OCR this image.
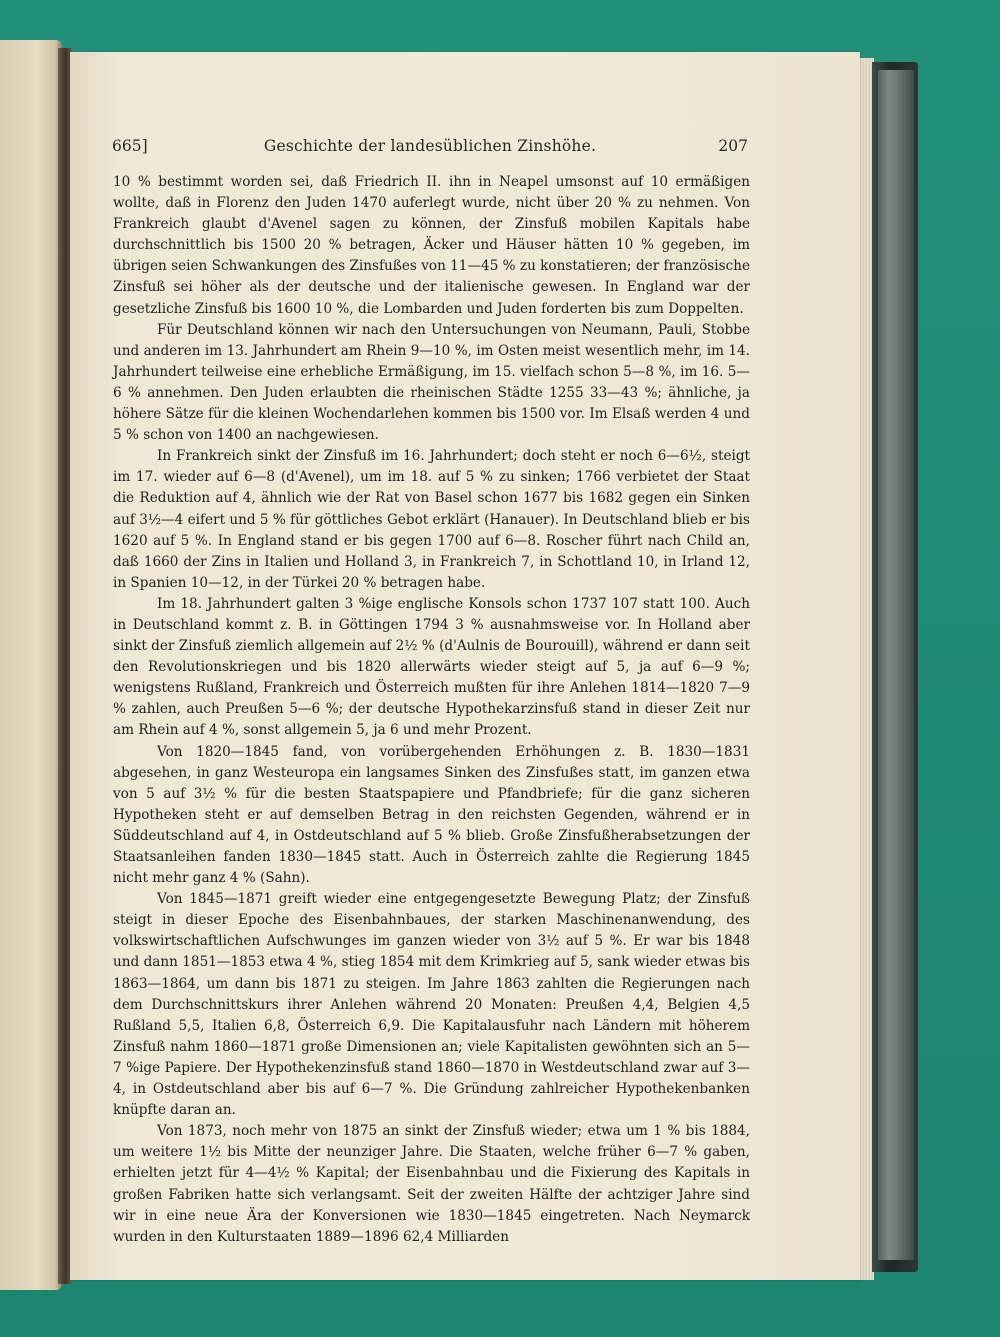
665]	Geschichte der landesüblichen Zinshöhe.	207

10 % bestimmt worden sei, daß Friedrich II. ihn in Neapel umsonst auf 10 ermäßigen wollte, daß in Florenz den Juden 1470 auferlegt wurde, nicht über 20 % zu nehmen. Von Frankreich glaubt d'Avenel sagen zu können, der Zinsfuß mobilen Kapitals habe durchschnittlich bis 1500 20 % betragen, Äcker und Häuser hätten 10 % gegeben, im übrigen seien Schwankungen des Zinsfußes von 11—45 % zu konstatieren; der französische Zinsfuß sei höher als der deutsche und der italienische gewesen. In England war der gesetzliche Zinsfuß bis 1600 10 %, die Lombarden und Juden forderten bis zum Doppelten.

Für Deutschland können wir nach den Untersuchungen von Neumann, Pauli, Stobbe und anderen im 13. Jahrhundert am Rhein 9—10 %, im Osten meist wesentlich mehr, im 14. Jahrhundert teilweise eine erhebliche Ermäßigung, im 15. vielfach schon 5—8 %, im 16. 5—6 % annehmen. Den Juden erlaubten die rheinischen Städte 1255 33—43 %; ähnliche, ja höhere Sätze für die kleinen Wochendarlehen kommen bis 1500 vor. Im Elsaß werden 4 und 5 % schon von 1400 an nachgewiesen.

In Frankreich sinkt der Zinsfuß im 16. Jahrhundert; doch steht er noch 6—6½, steigt im 17. wieder auf 6—8 (d'Avenel), um im 18. auf 5 % zu sinken; 1766 verbietet der Staat die Reduktion auf 4, ähnlich wie der Rat von Basel schon 1677 bis 1682 gegen ein Sinken auf 3½—4 eifert und 5 % für göttliches Gebot erklärt (Hanauer). In Deutschland blieb er bis 1620 auf 5 %. In England stand er bis gegen 1700 auf 6—8. Roscher führt nach Child an, daß 1660 der Zins in Italien und Holland 3, in Frankreich 7, in Schottland 10, in Irland 12, in Spanien 10—12, in der Türkei 20 % betragen habe.

Im 18. Jahrhundert galten 3 %ige englische Konsols schon 1737 107 statt 100. Auch in Deutschland kommt z. B. in Göttingen 1794 3 % ausnahmsweise vor. In Holland aber sinkt der Zinsfuß ziemlich allgemein auf 2½ % (d'Aulnis de Bourouill), während er dann seit den Revolutionskriegen und bis 1820 allerwärts wieder steigt auf 5, ja auf 6—9 %; wenigstens Rußland, Frankreich und Österreich mußten für ihre Anlehen 1814—1820 7—9 % zahlen, auch Preußen 5—6 %; der deutsche Hypothekarzinsfuß stand in dieser Zeit nur am Rhein auf 4 %, sonst allgemein 5, ja 6 und mehr Prozent.

Von 1820—1845 fand, von vorübergehenden Erhöhungen z. B. 1830—1831 abgesehen, in ganz Westeuropa ein langsames Sinken des Zinsfußes statt, im ganzen etwa von 5 auf 3½ % für die besten Staatspapiere und Pfandbriefe; für die ganz sicheren Hypotheken steht er auf demselben Betrag in den reichsten Gegenden, während er in Süddeutschland auf 4, in Ostdeutschland auf 5 % blieb. Große Zinsfußherabsetzungen der Staatsanleihen fanden 1830—1845 statt. Auch in Österreich zahlte die Regierung 1845 nicht mehr ganz 4 % (Sahn).

Von 1845—1871 greift wieder eine entgegengesetzte Bewegung Platz; der Zinsfuß steigt in dieser Epoche des Eisenbahnbaues, der starken Maschinenanwendung, des volkswirtschaftlichen Aufschwunges im ganzen wieder von 3½ auf 5 %. Er war bis 1848 und dann 1851—1853 etwa 4 %, stieg 1854 mit dem Krimkrieg auf 5, sank wieder etwas bis 1863—1864, um dann bis 1871 zu steigen. Im Jahre 1863 zahlten die Regierungen nach dem Durchschnittskurs ihrer Anlehen während 20 Monaten: Preußen 4,4, Belgien 4,5 Rußland 5,5, Italien 6,8, Österreich 6,9. Die Kapitalausfuhr nach Ländern mit höherem Zinsfuß nahm 1860—1871 große Dimensionen an; viele Kapitalisten gewöhnten sich an 5—7 %ige Papiere. Der Hypothekenzinsfuß stand 1860—1870 in Westdeutschland zwar auf 3—4, in Ostdeutschland aber bis auf 6—7 %. Die Gründung zahlreicher Hypothekenbanken knüpfte daran an.

Von 1873, noch mehr von 1875 an sinkt der Zinsfuß wieder; etwa um 1 % bis 1884, um weitere 1½ bis Mitte der neunziger Jahre. Die Staaten, welche früher 6—7 % gaben, erhielten jetzt für 4—4½ % Kapital; der Eisenbahnbau und die Fixierung des Kapitals in großen Fabriken hatte sich verlangsamt. Seit der zweiten Hälfte der achtziger Jahre sind wir in eine neue Ära der Konversionen wie 1830—1845 eingetreten. Nach Neymarck wurden in den Kulturstaaten 1889—1896 62,4 Milliarden
